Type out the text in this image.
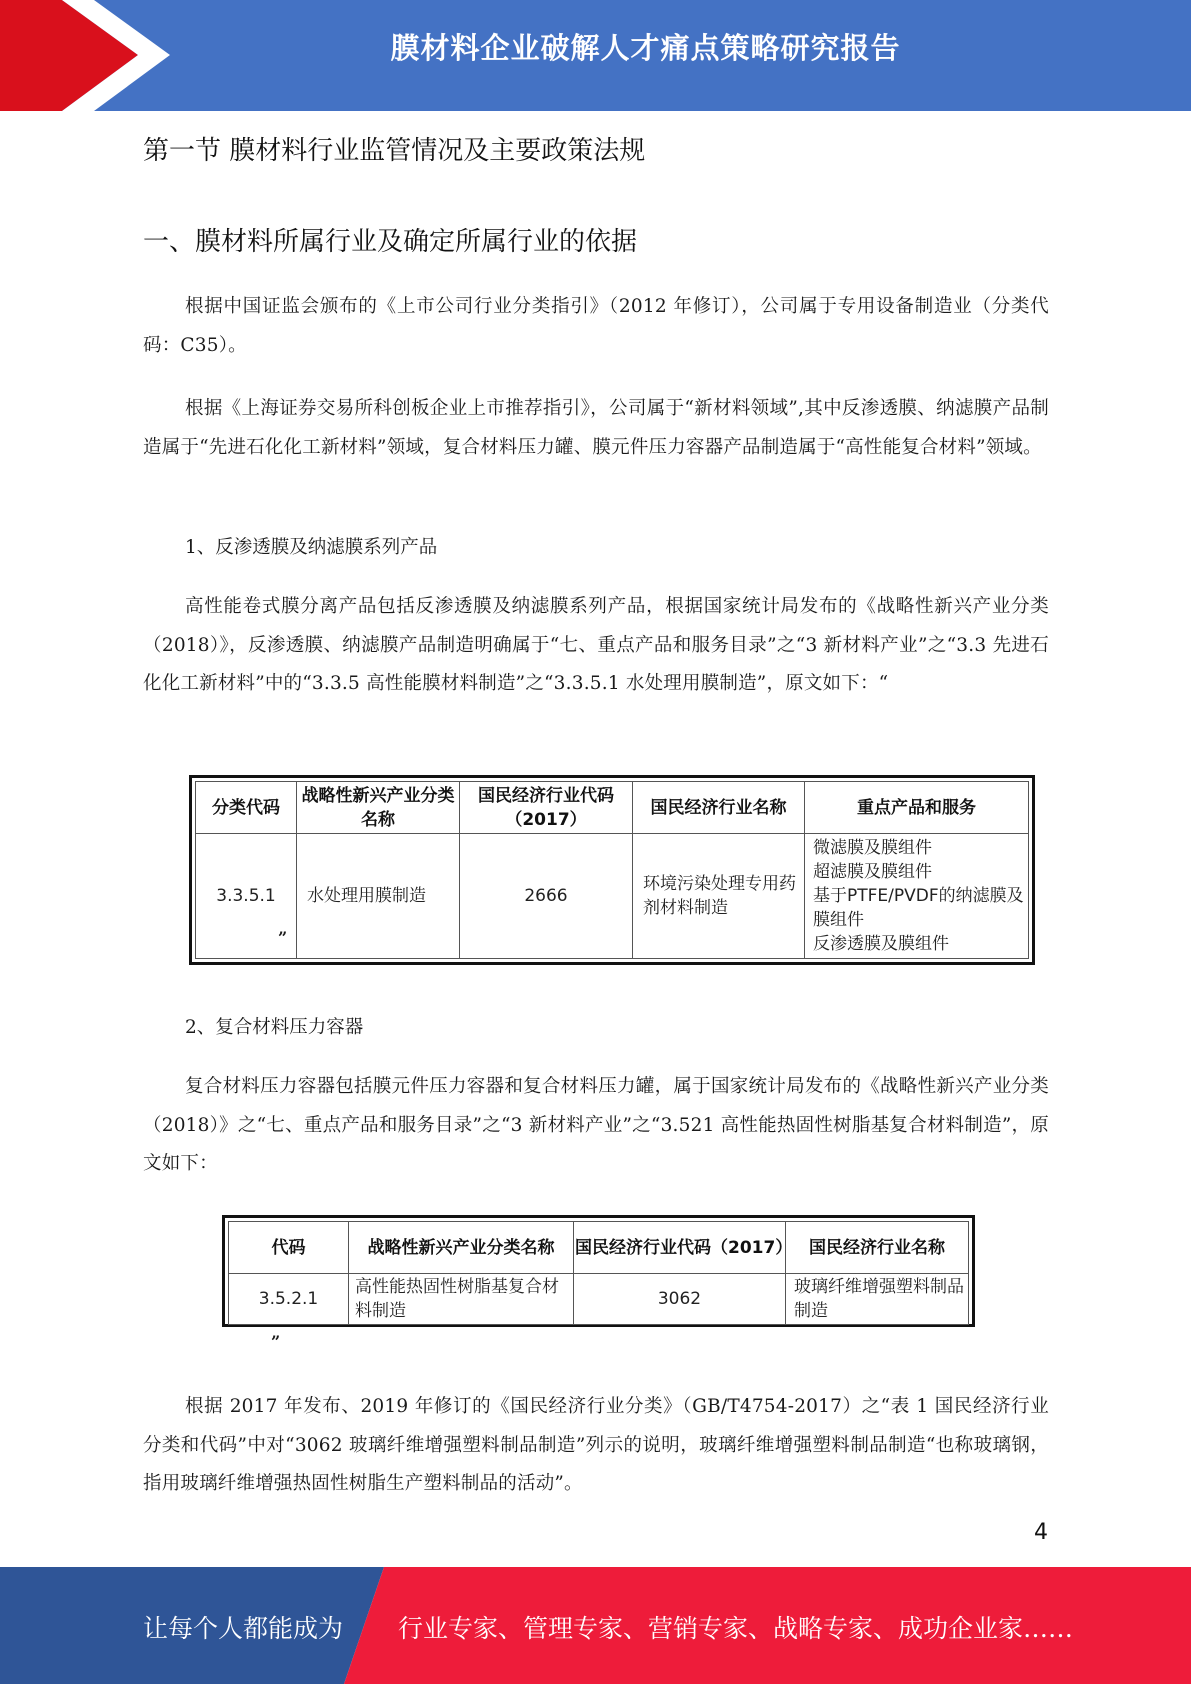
膜材料企业破解人才痛点策略研究报告
第一节 膜材料行业监管情况及主要政策法规
一、膜材料所属行业及确定所属行业的依据
根据中国证监会颁布的《上市公司行业分类指引》（2012 年修订），公司属于专用设备制造业（分类代码：C35）。
根据《上海证券交易所科创板企业上市推荐指引》，公司属于“新材料领域”,其中反渗透膜、纳滤膜产品制造属于“先进石化化工新材料”领域，复合材料压力罐、膜元件压力容器产品制造属于“高性能复合材料”领域。
1、反渗透膜及纳滤膜系列产品
高性能卷式膜分离产品包括反渗透膜及纳滤膜系列产品，根据国家统计局发布的《战略性新兴产业分类（2018）》，反渗透膜、纳滤膜产品制造明确属于“七、重点产品和服务目录”之“3 新材料产业”之“3.3 先进石化化工新材料”中的“3.3.5 高性能膜材料制造”之“3.3.5.1 水处理用膜制造”，原文如下：“
分类代码	战略性新兴产业分类名称	国民经济行业代码（2017）	国民经济行业名称	重点产品和服务
3.3.5.1	水处理用膜制造	2666	环境污染处理专用药剂材料制造	微滤膜及膜组件
超滤膜及膜组件
基于PTFE/PVDF的纳滤膜及膜组件
反渗透膜及膜组件
”
2、复合材料压力容器
复合材料压力容器包括膜元件压力容器和复合材料压力罐，属于国家统计局发布的《战略性新兴产业分类（2018）》之“七、重点产品和服务目录”之“3 新材料产业”之“3.521 高性能热固性树脂基复合材料制造”，原文如下：
代码	战略性新兴产业分类名称	国民经济行业代码（2017）	国民经济行业名称
3.5.2.1	高性能热固性树脂基复合材料制造	3062	玻璃纤维增强塑料制品制造
”
根据 2017 年发布、2019 年修订的《国民经济行业分类》（GB/T4754-2017）之“表 1 国民经济行业分类和代码”中对“3062 玻璃纤维增强塑料制品制造”列示的说明，玻璃纤维增强塑料制品制造“也称玻璃钢，指用玻璃纤维增强热固性树脂生产塑料制品的活动”。
4
让每个人都能成为 行业专家、管理专家、营销专家、战略专家、成功企业家……
